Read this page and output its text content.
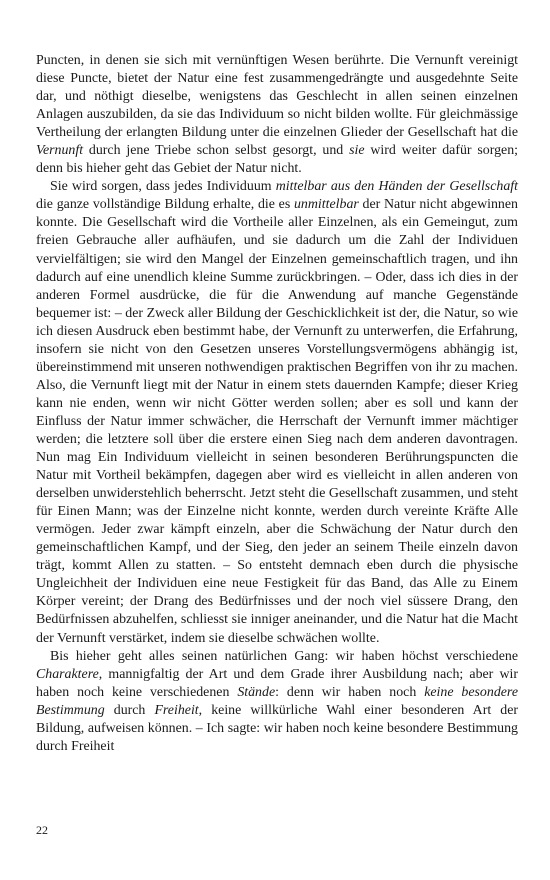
Puncten, in denen sie sich mit vernünftigen Wesen berührte. Die Vernunft vereinigt diese Puncte, bietet der Natur eine fest zusammengedrängte und ausgedehnte Seite dar, und nöthigt dieselbe, wenigstens das Geschlecht in allen seinen einzelnen Anlagen auszubilden, da sie das Individuum so nicht bilden wollte. Für gleichmässige Vertheilung der erlangten Bildung unter die einzelnen Glieder der Gesellschaft hat die Vernunft durch jene Triebe schon selbst gesorgt, und sie wird weiter dafür sorgen; denn bis hieher geht das Gebiet der Natur nicht.

Sie wird sorgen, dass jedes Individuum mittelbar aus den Händen der Gesellschaft die ganze vollständige Bildung erhalte, die es unmittelbar der Natur nicht abgewinnen konnte. Die Gesellschaft wird die Vortheile aller Einzelnen, als ein Gemeingut, zum freien Gebrauche aller aufhäufen, und sie dadurch um die Zahl der Individuen vervielfältigen; sie wird den Mangel der Einzelnen gemeinschaftlich tragen, und ihn dadurch auf eine unendlich kleine Summe zurückbringen. – Oder, dass ich dies in der anderen Formel ausdrücke, die für die Anwendung auf manche Gegenstände bequemer ist: – der Zweck aller Bildung der Geschicklichkeit ist der, die Natur, so wie ich diesen Ausdruck eben bestimmt habe, der Vernunft zu unterwerfen, die Erfahrung, insofern sie nicht von den Gesetzen unseres Vorstellungsvermögens abhängig ist, übereinstimmend mit unseren nothwendigen praktischen Begriffen von ihr zu machen. Also, die Vernunft liegt mit der Natur in einem stets dauernden Kampfe; dieser Krieg kann nie enden, wenn wir nicht Götter werden sollen; aber es soll und kann der Einfluss der Natur immer schwächer, die Herrschaft der Vernunft immer mächtiger werden; die letztere soll über die erstere einen Sieg nach dem anderen davontragen. Nun mag Ein Individuum vielleicht in seinen besonderen Berührungspuncten die Natur mit Vortheil bekämpfen, dagegen aber wird es vielleicht in allen anderen von derselben unwiderstehlich beherrscht. Jetzt steht die Gesellschaft zusammen, und steht für Einen Mann; was der Einzelne nicht konnte, werden durch vereinte Kräfte Alle vermögen. Jeder zwar kämpft einzeln, aber die Schwächung der Natur durch den gemeinschaftlichen Kampf, und der Sieg, den jeder an seinem Theile einzeln davon trägt, kommt Allen zu statten. – So entsteht demnach eben durch die physische Ungleichheit der Individuen eine neue Festigkeit für das Band, das Alle zu Einem Körper vereint; der Drang des Bedürfnisses und der noch viel süssere Drang, den Bedürfnissen abzuhelfen, schliesst sie inniger aneinander, und die Natur hat die Macht der Vernunft verstärket, indem sie dieselbe schwächen wollte.

Bis hieher geht alles seinen natürlichen Gang: wir haben höchst verschiedene Charaktere, mannigfaltig der Art und dem Grade ihrer Ausbildung nach; aber wir haben noch keine verschiedenen Stände: denn wir haben noch keine besondere Bestimmung durch Freiheit, keine willkürliche Wahl einer besonderen Art der Bildung, aufweisen können. – Ich sagte: wir haben noch keine besondere Bestimmung durch Freiheit

22
